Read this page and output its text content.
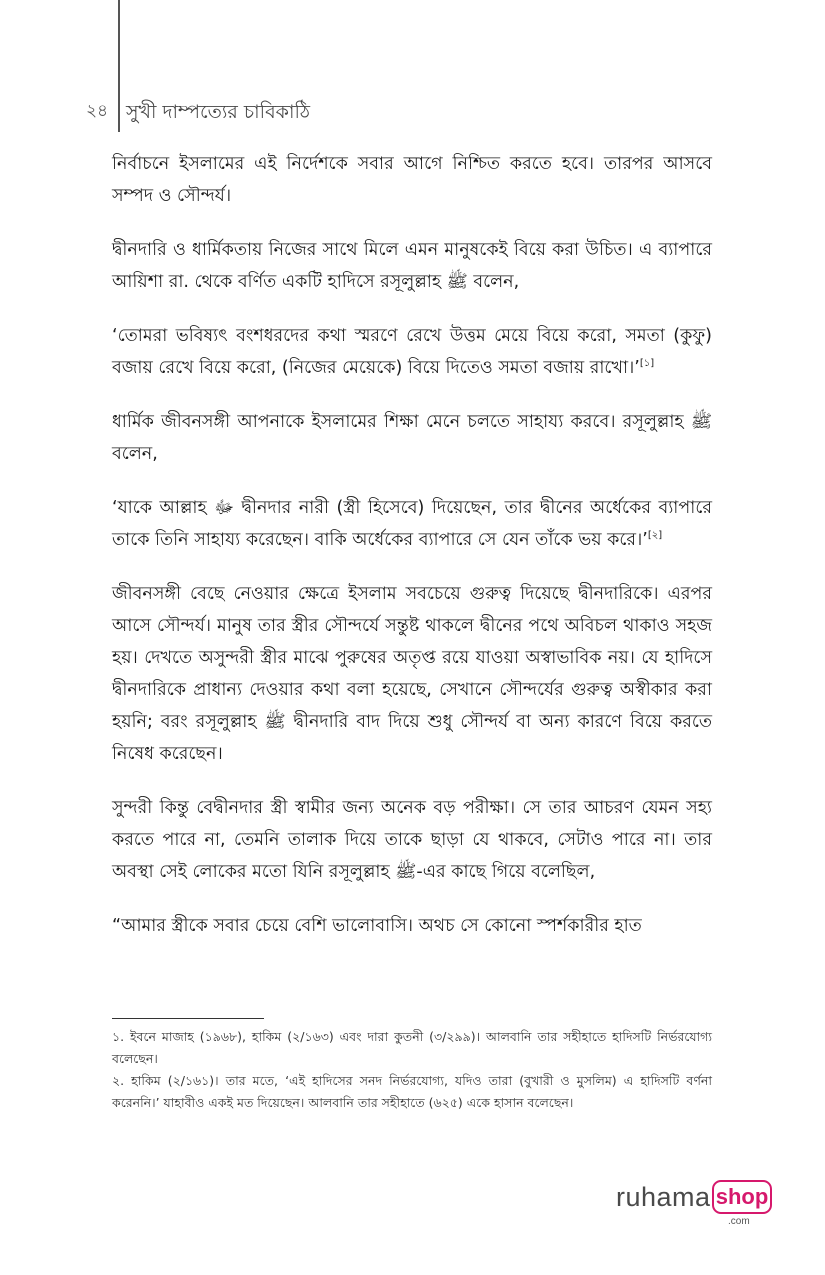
২৪ সুখী দাম্পত্যের চাবিকাঠি

নির্বাচনে ইসলামের এই নির্দেশকে সবার আগে নিশ্চিত করতে হবে। তারপর আসবে সম্পদ ও সৌন্দর্য।

দ্বীনদারি ও ধার্মিকতায় নিজের সাথে মিলে এমন মানুষকেই বিয়ে করা উচিত। এ ব্যাপারে আয়িশা রা. থেকে বর্ণিত একটি হাদিসে রসূলুল্লাহ ﷺ বলেন,

‘তোমরা ভবিষ্যৎ বংশধরদের কথা স্মরণে রেখে উত্তম মেয়ে বিয়ে করো, সমতা (কুফু) বজায় রেখে বিয়ে করো, (নিজের মেয়েকে) বিয়ে দিতেও সমতা বজায় রাখো।’[১]

ধার্মিক জীবনসঙ্গী আপনাকে ইসলামের শিক্ষা মেনে চলতে সাহায্য করবে। রসূলুল্লাহ ﷺ বলেন,

‘যাকে আল্লাহ ﷻ দ্বীনদার নারী (স্ত্রী হিসেবে) দিয়েছেন, তার দ্বীনের অর্ধেকের ব্যাপারে তাকে তিনি সাহায্য করেছেন। বাকি অর্ধেকের ব্যাপারে সে যেন তাঁকে ভয় করে।’[২]

জীবনসঙ্গী বেছে নেওয়ার ক্ষেত্রে ইসলাম সবচেয়ে গুরুত্ব দিয়েছে দ্বীনদারিকে। এরপর আসে সৌন্দর্য। মানুষ তার স্ত্রীর সৌন্দর্যে সন্তুষ্ট থাকলে দ্বীনের পথে অবিচল থাকাও সহজ হয়। দেখতে অসুন্দরী স্ত্রীর মাঝে পুরুষের অতৃপ্ত রয়ে যাওয়া অস্বাভাবিক নয়। যে হাদিসে দ্বীনদারিকে প্রাধান্য দেওয়ার কথা বলা হয়েছে, সেখানে সৌন্দর্যের গুরুত্ব অস্বীকার করা হয়নি; বরং রসূলুল্লাহ ﷺ দ্বীনদারি বাদ দিয়ে শুধু সৌন্দর্য বা অন্য কারণে বিয়ে করতে নিষেধ করেছেন।

সুন্দরী কিন্তু বেদ্বীনদার স্ত্রী স্বামীর জন্য অনেক বড় পরীক্ষা। সে তার আচরণ যেমন সহ্য করতে পারে না, তেমনি তালাক দিয়ে তাকে ছাড়া যে থাকবে, সেটাও পারে না। তার অবস্থা সেই লোকের মতো যিনি রসূলুল্লাহ ﷺ-এর কাছে গিয়ে বলেছিল,

“আমার স্ত্রীকে সবার চেয়ে বেশি ভালোবাসি। অথচ সে কোনো স্পর্শকারীর হাত

১. ইবনে মাজাহ (১৯৬৮), হাকিম (২/১৬৩) এবং দারা কুতনী (৩/২৯৯)। আলবানি তার সহীহাতে হাদিসটি নির্ভরযোগ্য বলেছেন।

২. হাকিম (২/১৬১)। তার মতে, ‘এই হাদিসের সনদ নির্ভরযোগ্য, যদিও তারা (বুখারী ও মুসলিম) এ হাদিসটি বর্ণনা করেননি।’ যাহাবীও একই মত দিয়েছেন। আলবানি তার সহীহাতে (৬২৫) একে হাসান বলেছেন।

ruhama shop
.com
